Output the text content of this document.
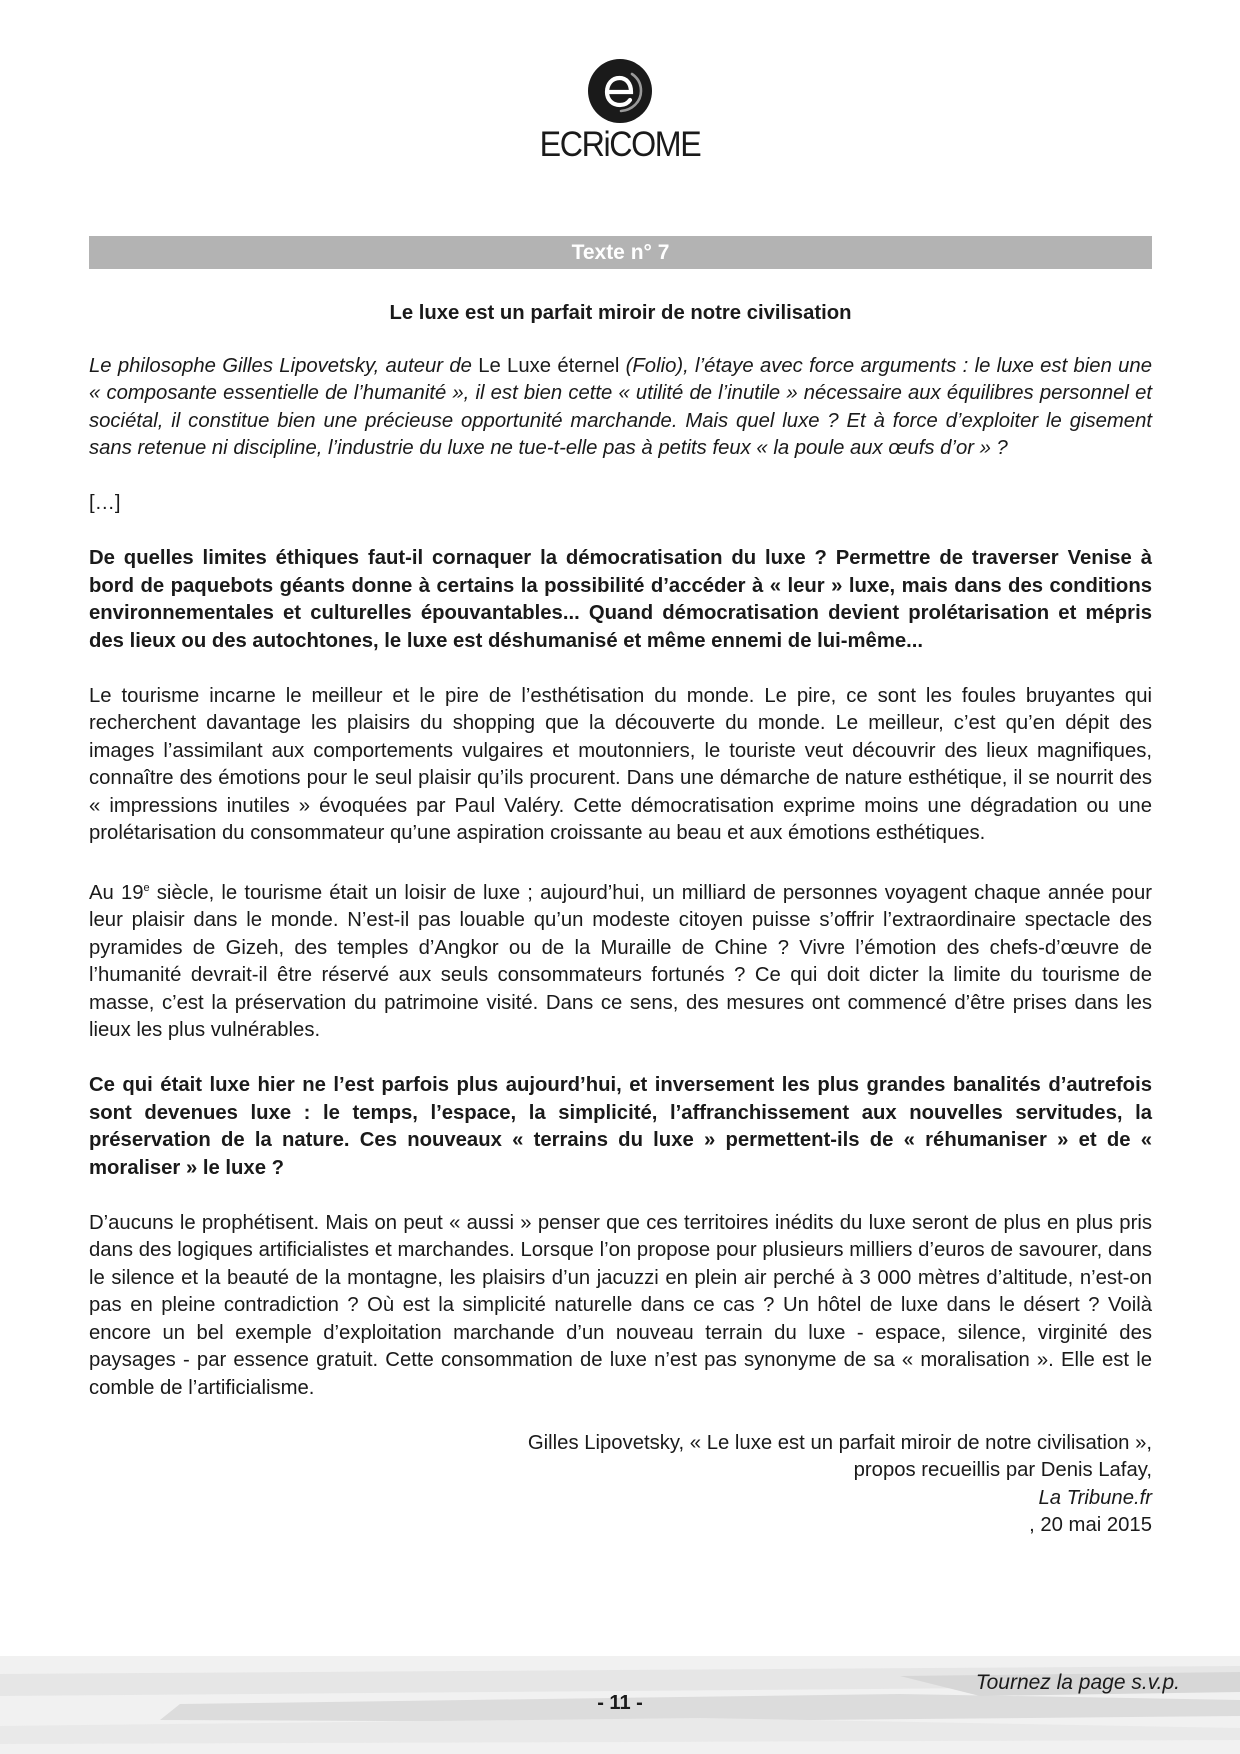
ECRiCOME
Texte n° 7

Le luxe est un parfait miroir de notre civilisation

Le philosophe Gilles Lipovetsky, auteur de Le Luxe éternel (Folio), l’étaye avec force arguments : le luxe est bien une « composante essentielle de l’humanité », il est bien cette « utilité de l’inutile » nécessaire aux équilibres personnel et sociétal, il constitue bien une précieuse opportunité marchande. Mais quel luxe ? Et à force d’exploiter le gisement sans retenue ni discipline, l’industrie du luxe ne tue-t-elle pas à petits feux « la poule aux œufs d’or » ?

[…]

De quelles limites éthiques faut-il cornaquer la démocratisation du luxe ? Permettre de traverser Venise à bord de paquebots géants donne à certains la possibilité d’accéder à « leur » luxe, mais dans des conditions environnementales et culturelles épouvantables... Quand démocratisation devient prolétarisation et mépris des lieux ou des autochtones, le luxe est déshumanisé et même ennemi de lui-même...

Le tourisme incarne le meilleur et le pire de l’esthétisation du monde. Le pire, ce sont les foules bruyantes qui recherchent davantage les plaisirs du shopping que la découverte du monde. Le meilleur, c’est qu’en dépit des images l’assimilant aux comportements vulgaires et moutonniers, le touriste veut découvrir des lieux magnifiques, connaître des émotions pour le seul plaisir qu’ils procurent. Dans une démarche de nature esthétique, il se nourrit des « impressions inutiles » évoquées par Paul Valéry. Cette démocratisation exprime moins une dégradation ou une prolétarisation du consommateur qu’une aspiration croissante au beau et aux émotions esthétiques.

Au 19e siècle, le tourisme était un loisir de luxe ; aujourd’hui, un milliard de personnes voyagent chaque année pour leur plaisir dans le monde. N’est-il pas louable qu’un modeste citoyen puisse s’offrir l’extraordinaire spectacle des pyramides de Gizeh, des temples d’Angkor ou de la Muraille de Chine ? Vivre l’émotion des chefs-d’œuvre de l’humanité devrait-il être réservé aux seuls consommateurs fortunés ? Ce qui doit dicter la limite du tourisme de masse, c’est la préservation du patrimoine visité. Dans ce sens, des mesures ont commencé d’être prises dans les lieux les plus vulnérables.

Ce qui était luxe hier ne l’est parfois plus aujourd’hui, et inversement les plus grandes banalités d’autrefois sont devenues luxe : le temps, l’espace, la simplicité, l’affranchissement aux nouvelles servitudes, la préservation de la nature. Ces nouveaux « terrains du luxe » permettent-ils de « réhumaniser » et de « moraliser » le luxe ?

D’aucuns le prophétisent. Mais on peut « aussi » penser que ces territoires inédits du luxe seront de plus en plus pris dans des logiques artificialistes et marchandes. Lorsque l’on propose pour plusieurs milliers d’euros de savourer, dans le silence et la beauté de la montagne, les plaisirs d’un jacuzzi en plein air perché à 3 000 mètres d’altitude, n’est-on pas en pleine contradiction ? Où est la simplicité naturelle dans ce cas ? Un hôtel de luxe dans le désert ? Voilà encore un bel exemple d’exploitation marchande d’un nouveau terrain du luxe - espace, silence, virginité des paysages - par essence gratuit. Cette consommation de luxe n’est pas synonyme de sa « moralisation ». Elle est le comble de l’artificialisme.

Gilles Lipovetsky, « Le luxe est un parfait miroir de notre civilisation »,
propos recueillis par Denis Lafay,
La Tribune.fr
, 20 mai 2015

Tournez la page s.v.p.
- 11 -
